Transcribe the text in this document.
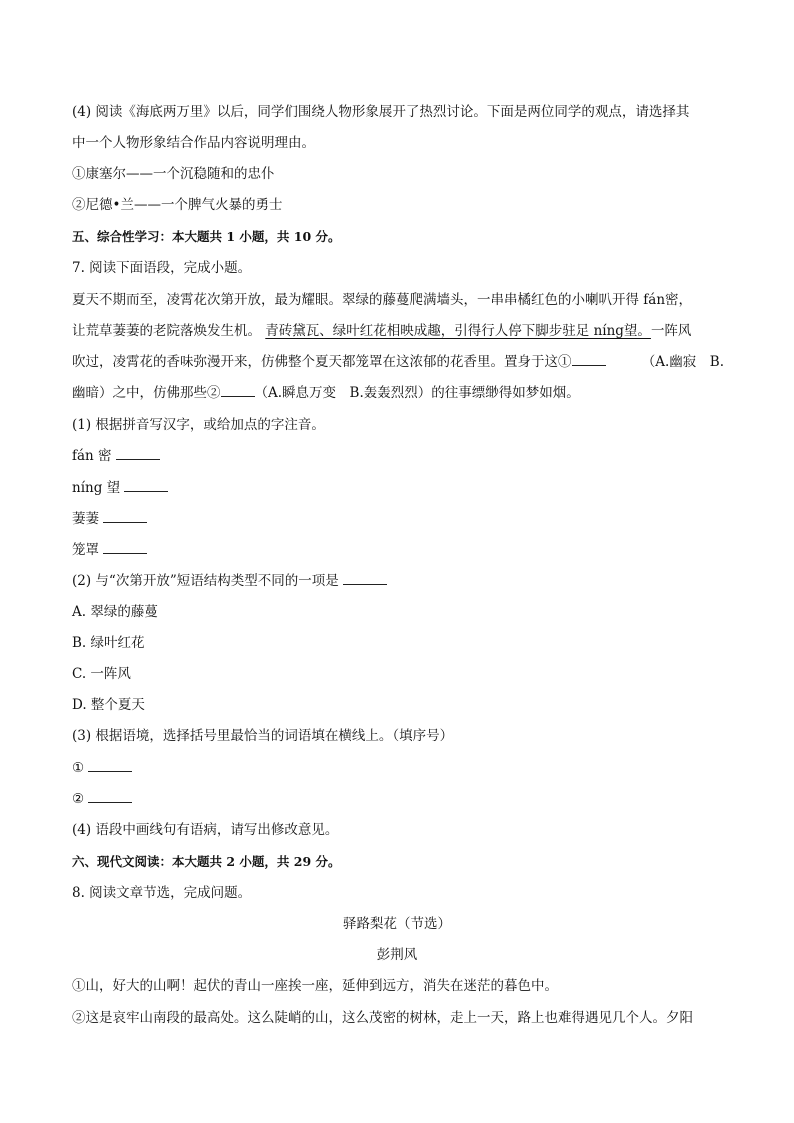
(4) 阅读《海底两万里》以后，同学们围绕人物形象展开了热烈讨论。下面是两位同学的观点，请选择其
中一个人物形象结合作品内容说明理由。
①康塞尔——一个沉稳随和的忠仆
②尼德•兰——一个脾气火暴的勇士
五、综合性学习：本大题共 1 小题，共 10 分。
7. 阅读下面语段，完成小题。
夏天不期而至，凌霄花次第开放，最为耀眼。翠绿的藤蔓爬满墙头，一串串橘红色的小喇叭开得 fán密，
让荒草萋萋的老院落焕发生机。 青砖黛瓦、绿叶红花相映成趣，引得行人停下脚步驻足 níng望。一阵风
吹过，凌霄花的香味弥漫开来，仿佛整个夏天都笼罩在这浓郁的花香里。置身于这①	（A.幽寂　B.
幽暗）之中，仿佛那些②	（A.瞬息万变　B.轰轰烈烈）的往事缥缈得如梦如烟。
(1) 根据拼音写汉字，或给加点的字注音。
fán 密
níng 望
萋萋
笼罩
(2) 与“次第开放”短语结构类型不同的一项是
A. 翠绿的藤蔓
B. 绿叶红花
C. 一阵风
D. 整个夏天
(3) 根据语境，选择括号里最恰当的词语填在横线上。（填序号）
①
②
(4) 语段中画线句有语病，请写出修改意见。
六、现代文阅读：本大题共 2 小题，共 29 分。
8. 阅读文章节选，完成问题。
驿路梨花（节选）
彭荆风
①山，好大的山啊！起伏的青山一座挨一座，延伸到远方，消失在迷茫的暮色中。
②这是哀牢山南段的最高处。这么陡峭的山，这么茂密的树林，走上一天，路上也难得遇见几个人。夕阳
